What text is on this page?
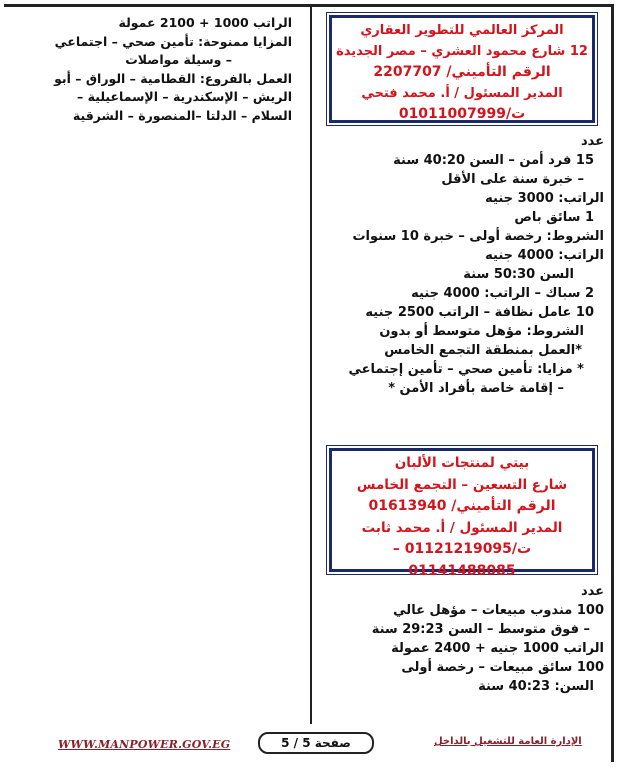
الراتب 1000 + 2100 عمولة

المزايا ممنوحة: تأمين صحي – اجتماعي

– وسيلة مواصلات

العمل بالفروع: القطامية – الوراق – أبو

الريش – الإسكندرية – الإسماعيلية –

السلام – الدلتا –المنصورة – الشرقية

المركز العالمي للتطوير العقاري

12 شارع محمود العشري – مصر الجديدة

الرقم التأميني/ 2207707

المدير المسئول / أ. محمد فتحي

ت/01011007999

عدد

15 فرد أمن – السن 40:20 سنة

– خبرة سنة على الأقل

الراتب: 3000 جنيه

1 سائق باص

الشروط: رخصة أولى – خبرة 10 سنوات

الراتب: 4000 جنيه

السن 50:30 سنة

2 سباك – الراتب: 4000 جنيه

10 عامل نظافة – الراتب 2500 جنيه

الشروط: مؤهل متوسط أو بدون

*العمل بمنطقة التجمع الخامس

* مزايا: تأمين صحي – تأمين إجتماعي

– إقامة خاصة بأفراد الأمن *

بيتي لمنتجات الألبان

شارع التسعين – التجمع الخامس

الرقم التأميني/ 01613940

المدير المسئول / أ. محمد ثابت

ت/01121219095 –

01141488085

عدد

100 مندوب مبيعات – مؤهل عالي

– فوق متوسط – السن 29:23 سنة

الراتب 1000 جنيه + 2400 عمولة

100 سائق مبيعات – رخصة أولى

السن: 40:23 سنة

WWW.MANPOWER.GOV.EG	صفحة 5 / 5	الإدارة العامة للتشغيل بالداخل
